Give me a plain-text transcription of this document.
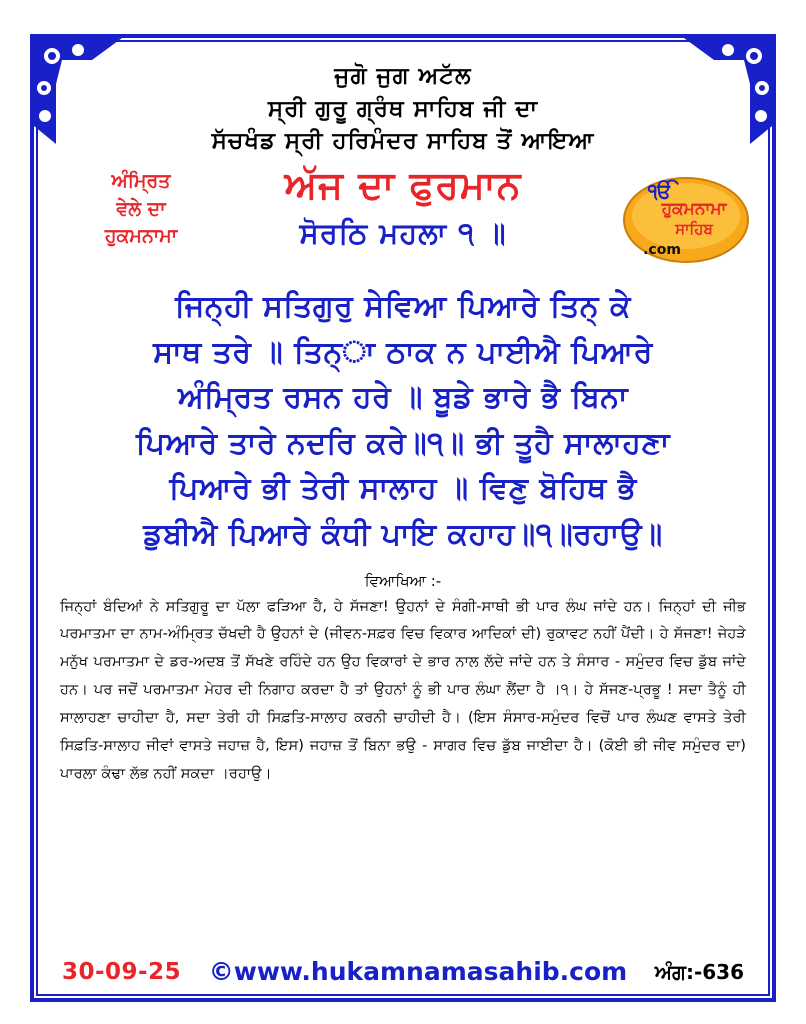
ਜੁਗੋ ਜੁਗ ਅਟੱਲ
ਸ੍ਰੀ ਗੁਰੂ ਗ੍ਰੰਥ ਸਾਹਿਬ ਜੀ ਦਾ
ਸੱਚਖੰਡ ਸ੍ਰੀ ਹਰਿਮੰਦਰ ਸਾਹਿਬ ਤੋਂ ਆਇਆ
ਅੰਮ੍ਰਿਤ
ਵੇਲੇ ਦਾ
ਹੁਕਮਨਾਮਾ
ਅੱਜ ਦਾ ਫੁਰਮਾਨ
ਸੋਰਠਿ ਮਹਲਾ ੧ ॥
ੴ
ਹੁਕਮਨਾਮਾ
ਸਾਹਿਬ
.com
ਜਿਨ੍ਹੀ ਸਤਿਗੁਰੁ ਸੇਵਿਆ ਪਿਆਰੇ ਤਿਨ੍ ਕੇ
ਸਾਥ ਤਰੇ ॥ ਤਿਨ੍ਾ ਠਾਕ ਨ ਪਾਈਐ ਪਿਆਰੇ
ਅੰਮ੍ਰਿਤ ਰਸਨ ਹਰੇ ॥ ਬੂਡੇ ਭਾਰੇ ਭੈ ਬਿਨਾ
ਪਿਆਰੇ ਤਾਰੇ ਨਦਰਿ ਕਰੇ॥੧॥ ਭੀ ਤੂਹੈ ਸਾਲਾਹਣਾ
ਪਿਆਰੇ ਭੀ ਤੇਰੀ ਸਾਲਾਹ ॥ ਵਿਣੁ ਬੋਹਿਥ ਭੈ
ਡੁਬੀਐ ਪਿਆਰੇ ਕੰਧੀ ਪਾਇ ਕਹਾਹ॥੧॥ਰਹਾਉ॥
ਵਿਆਖਿਆ :-

ਜਿਨ੍ਹਾਂ ਬੰਦਿਆਂ ਨੇ ਸਤਿਗੁਰੂ ਦਾ ਪੱਲਾ ਫੜਿਆ ਹੈ, ਹੇ ਸੱਜਣਾ! ਉਹਨਾਂ ਦੇ ਸੰਗੀ-ਸਾਥੀ ਭੀ ਪਾਰ ਲੰਘ ਜਾਂਦੇ ਹਨ। ਜਿਨ੍ਹਾਂ ਦੀ ਜੀਭ ਪਰਮਾਤਮਾ ਦਾ ਨਾਮ-ਅੰਮ੍ਰਿਤ ਚੱਖਦੀ ਹੈ ਉਹਨਾਂ ਦੇ (ਜੀਵਨ-ਸਫ਼ਰ ਵਿਚ ਵਿਕਾਰ ਆਦਿਕਾਂ ਦੀ) ਰੁਕਾਵਟ ਨਹੀਂ ਪੈਂਦੀ। ਹੇ ਸੱਜਣਾ! ਜੇਹੜੇ ਮਨੁੱਖ ਪਰਮਾਤਮਾ ਦੇ ਡਰ-ਅਦਬ ਤੋਂ ਸੱਖਣੇ ਰਹਿੰਦੇ ਹਨ ਉਹ ਵਿਕਾਰਾਂ ਦੇ ਭਾਰ ਨਾਲ ਲੱਦੇ ਜਾਂਦੇ ਹਨ ਤੇ ਸੰਸਾਰ - ਸਮੁੰਦਰ ਵਿਚ ਡੁੱਬ ਜਾਂਦੇ ਹਨ। ਪਰ ਜਦੋਂ ਪਰਮਾਤਮਾ ਮੇਹਰ ਦੀ ਨਿਗਾਹ ਕਰਦਾ ਹੈ ਤਾਂ ਉਹਨਾਂ ਨੂੰ ਭੀ ਪਾਰ ਲੰਘਾ ਲੈਂਦਾ ਹੈ ।੧। ਹੇ ਸੱਜਣ-ਪ੍ਰਭੂ ! ਸਦਾ ਤੈਨੂੰ ਹੀ ਸਾਲਾਹਣਾ ਚਾਹੀਦਾ ਹੈ, ਸਦਾ ਤੇਰੀ ਹੀ ਸਿਫ਼ਤਿ-ਸਾਲਾਹ ਕਰਨੀ ਚਾਹੀਦੀ ਹੈ। (ਇਸ ਸੰਸਾਰ-ਸਮੁੰਦਰ ਵਿਚੋਂ ਪਾਰ ਲੰਘਣ ਵਾਸਤੇ ਤੇਰੀ ਸਿਫ਼ਤਿ-ਸਾਲਾਹ ਜੀਵਾਂ ਵਾਸਤੇ ਜਹਾਜ਼ ਹੈ, ਇਸ) ਜਹਾਜ਼ ਤੋਂ ਬਿਨਾ ਭਉ - ਸਾਗਰ ਵਿਚ ਡੁੱਬ ਜਾਈਦਾ ਹੈ। (ਕੋਈ ਭੀ ਜੀਵ ਸਮੁੰਦਰ ਦਾ) ਪਾਰਲਾ ਕੰਢਾ ਲੱਭ ਨਹੀਂ ਸਕਦਾ ।ਰਹਾਉ।

30-09-25 ©www.hukamnamasahib.com ਅੰਗ:-636
